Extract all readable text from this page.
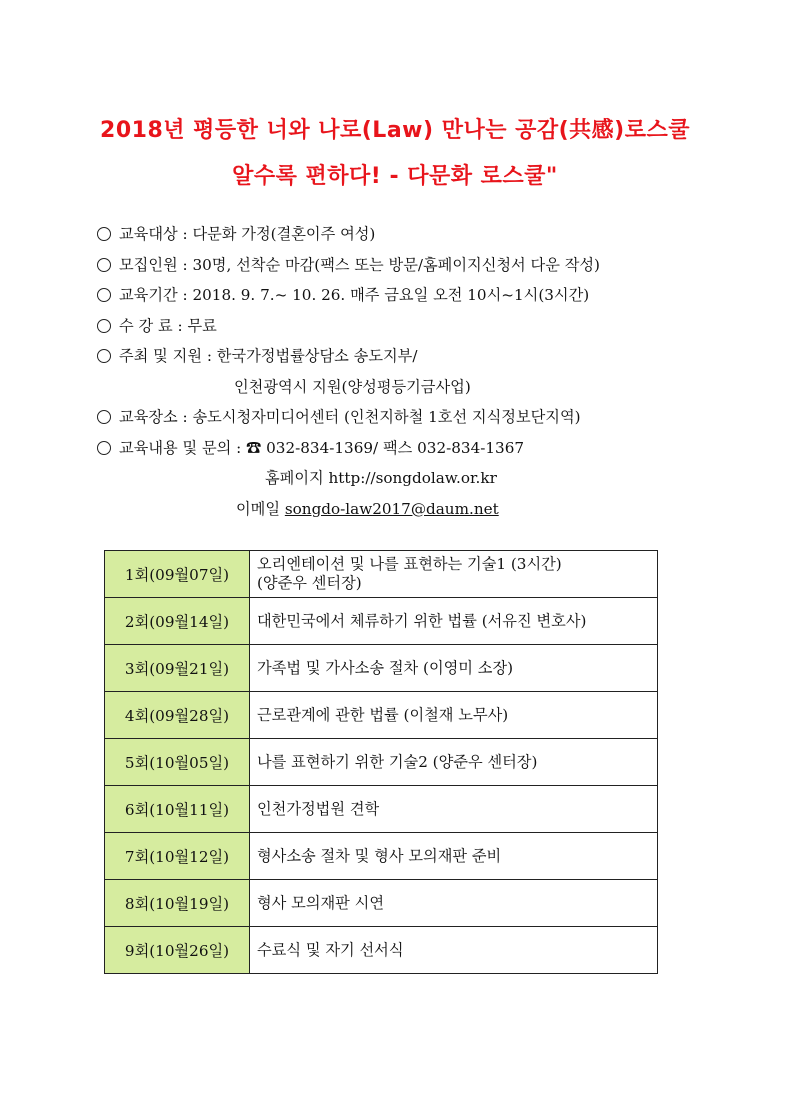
2018년 평등한 너와 나로(Law) 만나는 공감(共感)로스쿨
알수록 편하다! - 다문화 로스쿨"
교육대상 : 다문화 가정(결혼이주 여성)
모집인원 : 30명, 선착순 마감(팩스 또는 방문/홈페이지신청서 다운 작성)
교육기간 : 2018. 9. 7.~ 10. 26. 매주 금요일 오전 10시~1시(3시간)
수 강 료 : 무료
주최 및 지원 : 한국가정법률상담소 송도지부/
인천광역시 지원(양성평등기금사업)
교육장소 : 송도시청자미디어센터 (인천지하철 1호선 지식정보단지역)
교육내용 및 문의 : ☎ 032-834-1369/ 팩스 032-834-1367
홈페이지 http://songdolaw.or.kr
이메일 songdo-law2017@daum.net
1회(09월07일)	오리엔테이션 및 나를 표현하는 기술1 (3시간)
(양준우 센터장)

2회(09월14일)	대한민국에서 체류하기 위한 법률 (서유진 변호사)

3회(09월21일)	가족법 및 가사소송 절차 (이영미 소장)

4회(09월28일)	근로관계에 관한 법률 (이철재 노무사)

5회(10월05일)	나를 표현하기 위한 기술2 (양준우 센터장)

6회(10월11일)	인천가정법원 견학

7회(10월12일)	형사소송 절차 및 형사 모의재판 준비

8회(10월19일)	형사 모의재판 시연

9회(10월26일)	수료식 및 자기 선서식
